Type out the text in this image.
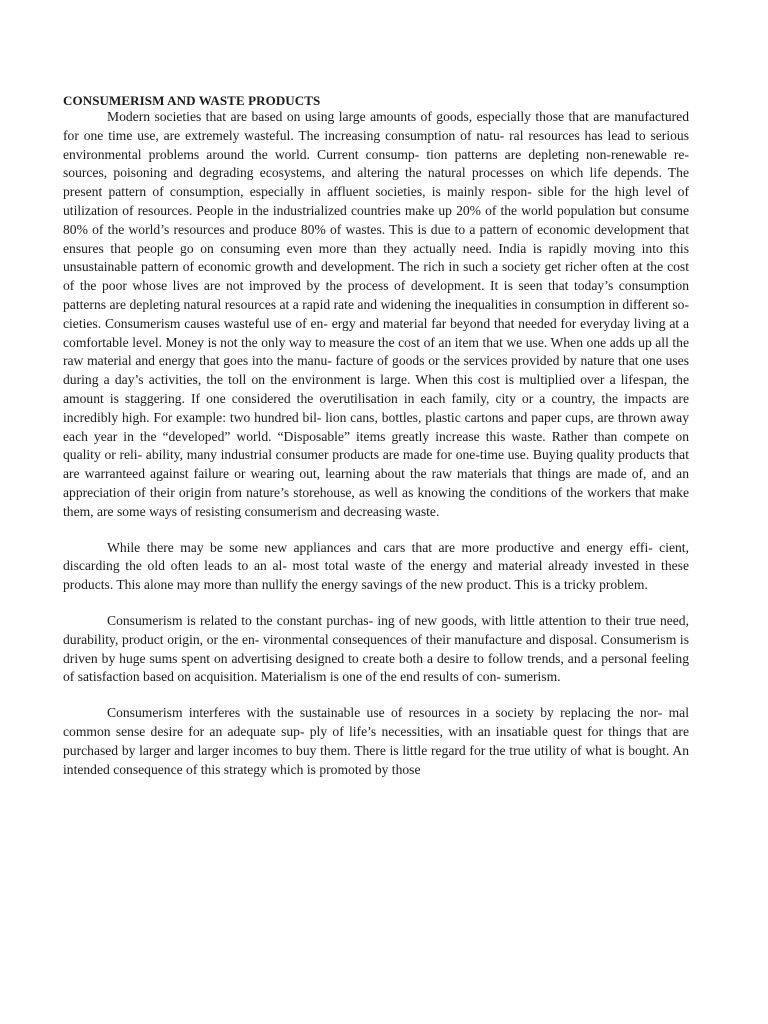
CONSUMERISM AND WASTE PRODUCTS

Modern societies that are based on using large amounts of goods, especially those that are manufactured for one time use, are extremely wasteful. The increasing consumption of natu- ral resources has lead to serious environmental problems around the world. Current consump- tion patterns are depleting non-renewable re- sources, poisoning and degrading ecosystems, and altering the natural processes on which life depends. The present pattern of consumption, especially in affluent societies, is mainly respon- sible for the high level of utilization of resources. People in the industrialized countries make up 20% of the world population but consume 80% of the world’s resources and produce 80% of wastes. This is due to a pattern of economic development that ensures that people go on consuming even more than they actually need. India is rapidly moving into this unsustainable pattern of economic growth and development. The rich in such a society get richer often at the cost of the poor whose lives are not improved by the process of development. It is seen that today’s consumption patterns are depleting natural resources at a rapid rate and widening the inequalities in consumption in different so- cieties. Consumerism causes wasteful use of en- ergy and material far beyond that needed for everyday living at a comfortable level. Money is not the only way to measure the cost of an item that we use. When one adds up all the raw material and energy that goes into the manu- facture of goods or the services provided by nature that one uses during a day’s activities, the toll on the environment is large. When this cost is multiplied over a lifespan, the amount is staggering. If one considered the overutilisation in each family, city or a country, the impacts are incredibly high. For example: two hundred bil- lion cans, bottles, plastic cartons and paper cups, are thrown away each year in the “developed” world. “Disposable” items greatly increase this waste. Rather than compete on quality or reli- ability, many industrial consumer products are made for one-time use. Buying quality products that are warranteed against failure or wearing out, learning about the raw materials that things are made of, and an appreciation of their origin from nature’s storehouse, as well as knowing the conditions of the workers that make them, are some ways of resisting consumerism and decreasing waste.

While there may be some new appliances and cars that are more productive and energy effi- cient, discarding the old often leads to an al- most total waste of the energy and material already invested in these products. This alone may more than nullify the energy savings of the new product. This is a tricky problem.

Consumerism is related to the constant purchas- ing of new goods, with little attention to their true need, durability, product origin, or the en- vironmental consequences of their manufacture and disposal. Consumerism is driven by huge sums spent on advertising designed to create both a desire to follow trends, and a personal feeling of satisfaction based on acquisition. Materialism is one of the end results of con- sumerism.

Consumerism interferes with the sustainable use of resources in a society by replacing the nor- mal common sense desire for an adequate sup- ply of life’s necessities, with an insatiable quest for things that are purchased by larger and larger incomes to buy them. There is little regard for the true utility of what is bought. An intended consequence of this strategy which is promoted by those
